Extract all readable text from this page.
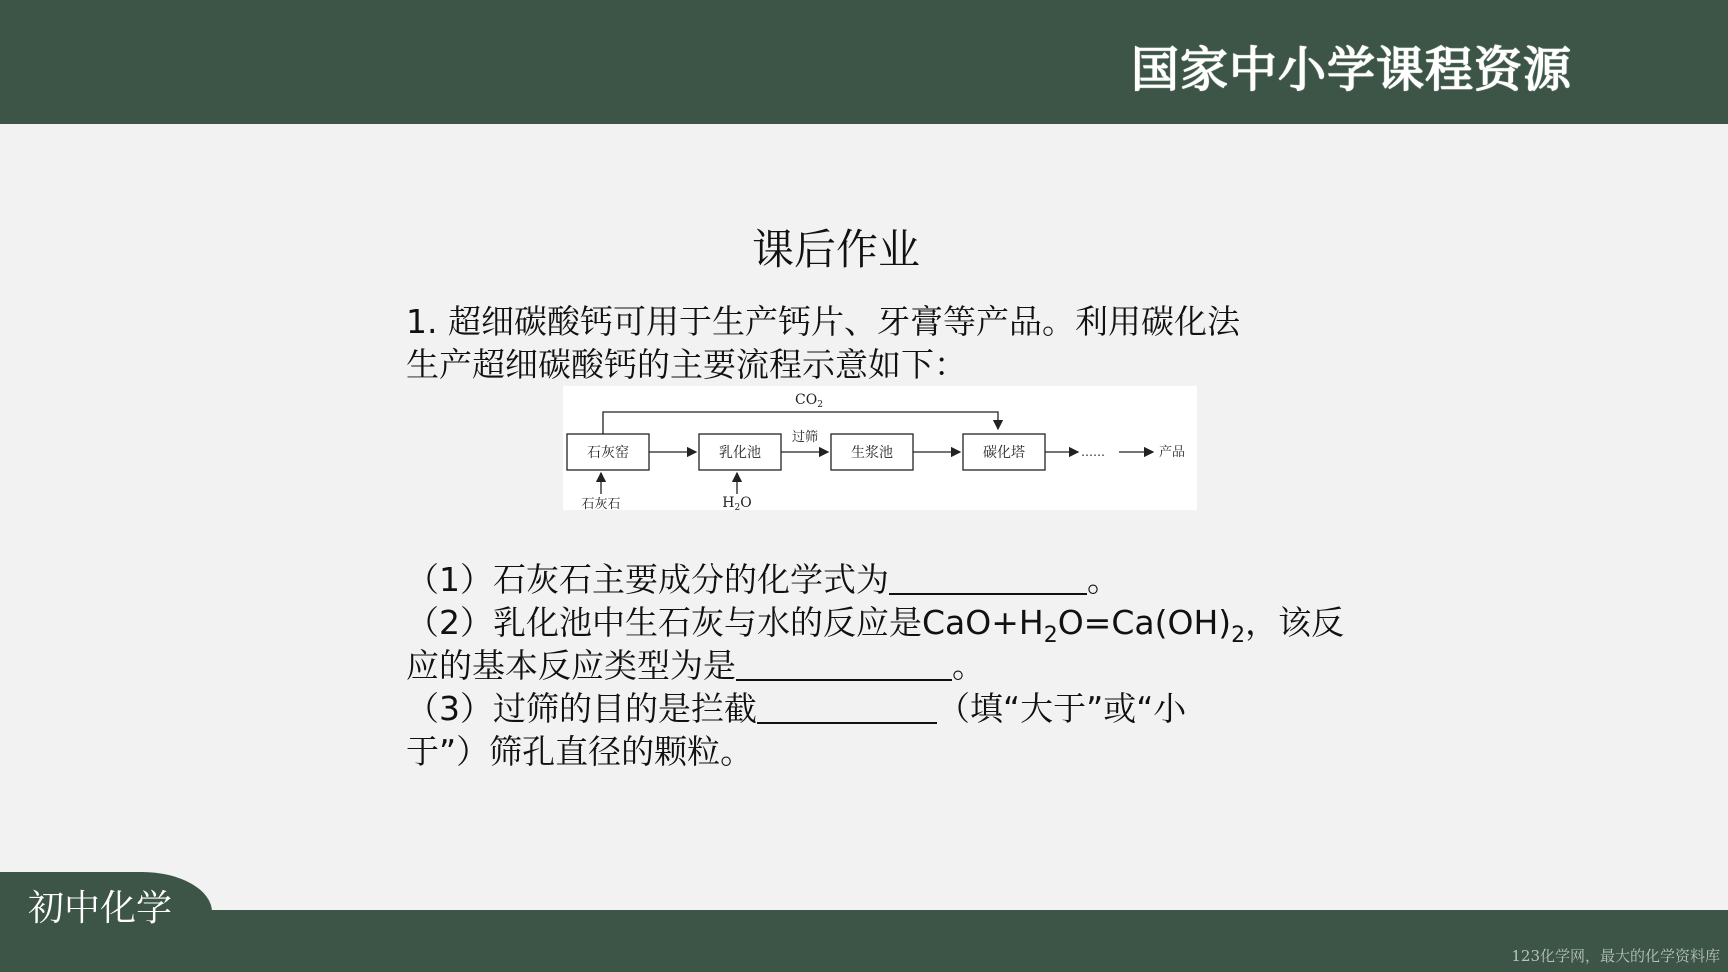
国家中小学课程资源
课后作业
1. 超细碳酸钙可用于生产钙片、牙膏等产品。利用碳化法
生产超细碳酸钙的主要流程示意如下：
$CO_2$
石灰窑	乳化池	生浆池	碳化塔
过筛
……	产品
石灰石	$H_2O$
（1）石灰石主要成分的化学式为	。
（2）乳化池中生石灰与水的反应是$CaO+H_2O=Ca(OH)_2$，该反
应的基本反应类型为是	。
（3）过筛的目的是拦截	（填“大于”或“小
于”）筛孔直径的颗粒。
初中化学
123化学网，最大的化学资料库
